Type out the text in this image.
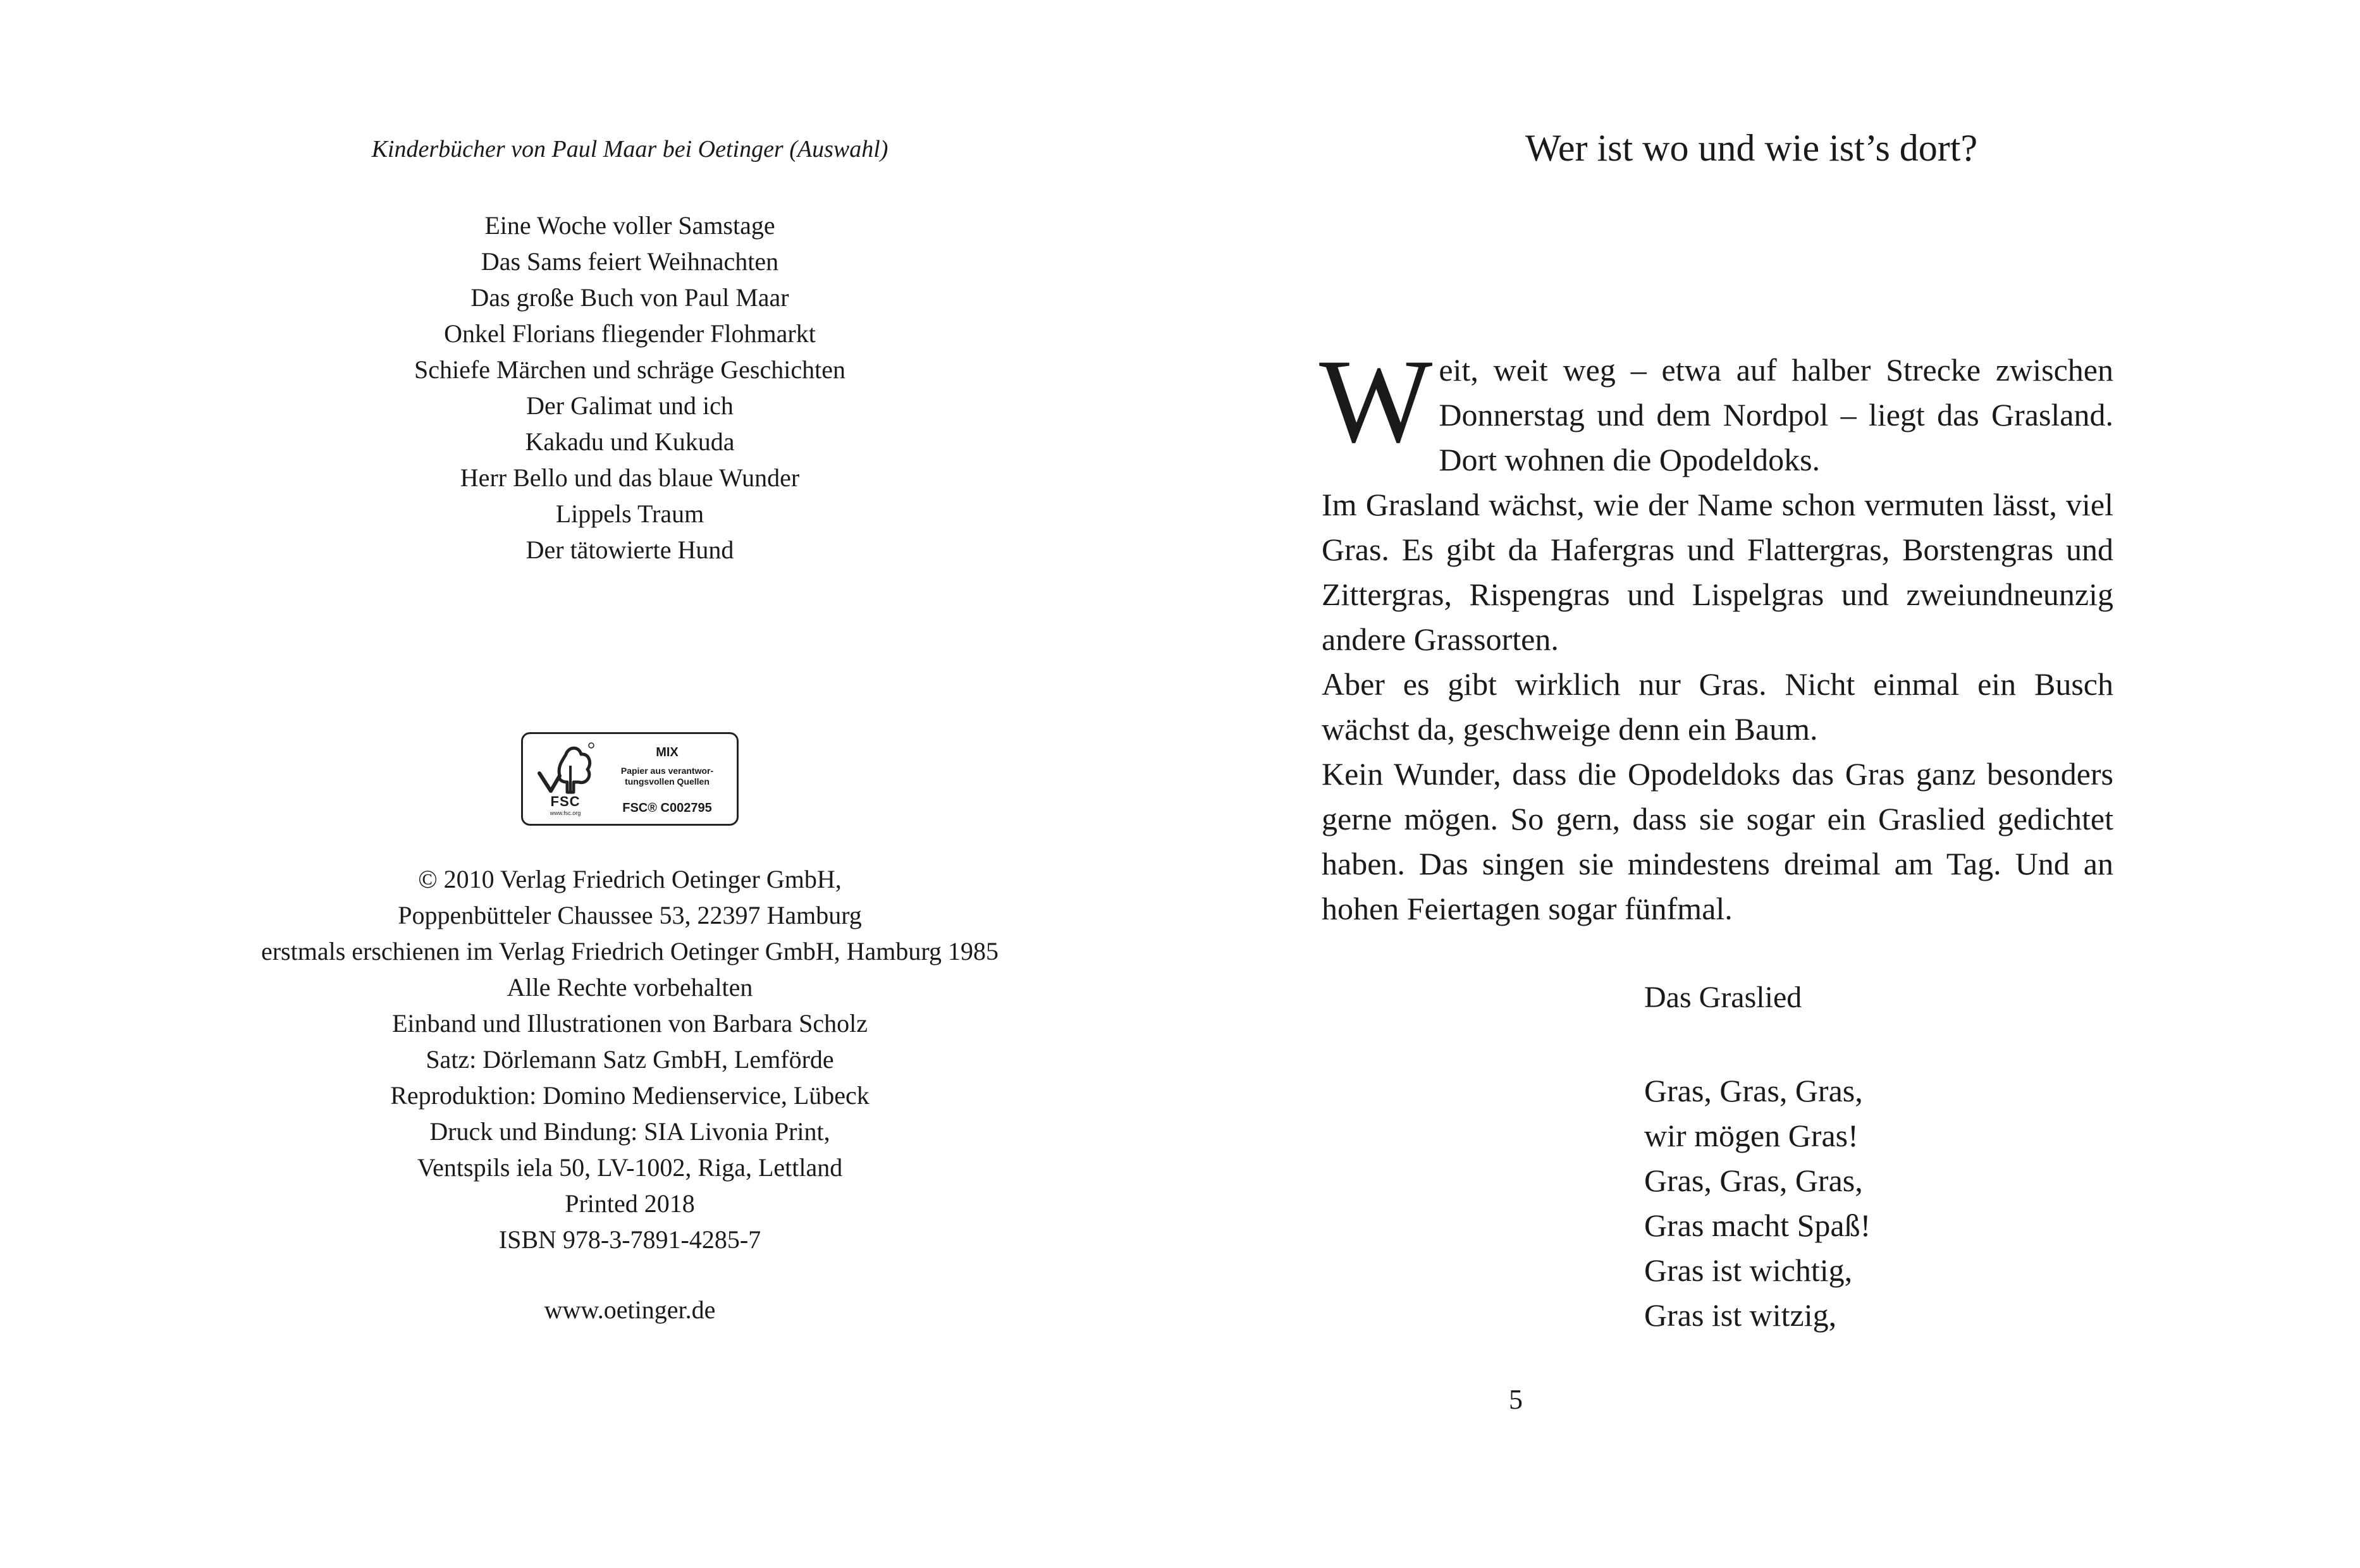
Kinderbücher von Paul Maar bei Oetinger (Auswahl)
Eine Woche voller Samstage
Das Sams feiert Weihnachten
Das große Buch von Paul Maar
Onkel Florians fliegender Flohmarkt
Schiefe Märchen und schräge Geschichten
Der Galimat und ich
Kakadu und Kukuda
Herr Bello und das blaue Wunder
Lippels Traum
Der tätowierte Hund
FSC
www.fsc.org
MIX
Papier aus verantwor-
tungsvollen Quellen
FSC® C002795
© 2010 Verlag Friedrich Oetinger GmbH,
Poppenbütteler Chaussee 53, 22397 Hamburg
erstmals erschienen im Verlag Friedrich Oetinger GmbH, Hamburg 1985
Alle Rechte vorbehalten
Einband und Illustrationen von Barbara Scholz
Satz: Dörlemann Satz GmbH, Lemförde
Reproduktion: Domino Medienservice, Lübeck
Druck und Bindung: SIA Livonia Print,
Ventspils iela 50, LV-1002, Riga, Lettland
Printed 2018
ISBN 978-3-7891-4285-7
www.oetinger.de
Wer ist wo und wie ist’s dort?

Weit, weit weg – etwa auf halber Strecke zwischen Donnerstag und dem Nordpol – liegt das Grasland. Dort wohnen die Opodeldoks.

Im Grasland wächst, wie der Name schon vermuten lässt, viel Gras. Es gibt da Hafergras und Flattergras, Borstengras und Zittergras, Rispengras und Lispelgras und zweiundneunzig andere Grassorten.

Aber es gibt wirklich nur Gras. Nicht einmal ein Busch wächst da, geschweige denn ein Baum.

Kein Wunder, dass die Opodeldoks das Gras ganz besonders gerne mögen. So gern, dass sie sogar ein Graslied gedichtet haben. Das singen sie mindestens dreimal am Tag. Und an hohen Feiertagen sogar fünfmal.

Das Graslied
Gras, Gras, Gras,
wir mögen Gras!
Gras, Gras, Gras,
Gras macht Spaß!
Gras ist wichtig,
Gras ist witzig,
5
